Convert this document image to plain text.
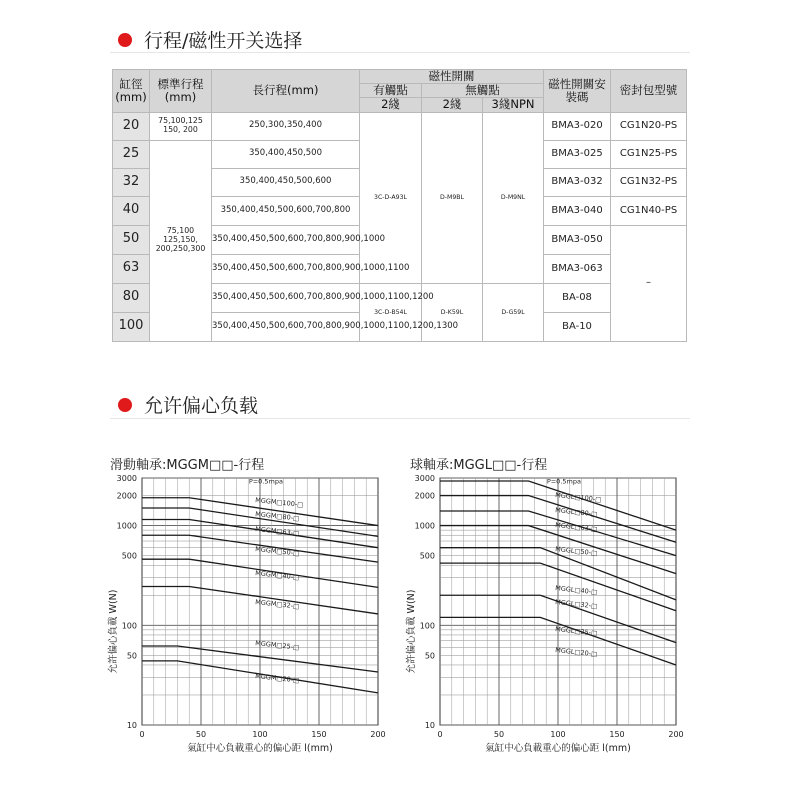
行程/磁性开关选择
缸徑(mm)	標準行程(mm)	長行程(mm)	磁性開關			磁性開關安裝碼	密封包型號
			有觸點	無觸點			
			2綫	2綫	3綫NPN		
20	75,100,125 150, 200	250,300,350,400	3C-D-A93L	D-M9BL	D-M9NL	BMA3-020	CG1N20-PS
25	75,100 125,150, 200,250,300	350,400,450,500				BMA3-025	CG1N25-PS
32		350,400,450,500,600				BMA3-032	CG1N32-PS
40		350,400,450,500,600,700,800				BMA3-040	CG1N40-PS
50		350,400,450,500,600,700,800,900,1000				BMA3-050	–
63		350,400,450,500,600,700,800,900,1000,1100				BMA3-063	
80		350,400,450,500,600,700,800,900,1000,1100,1200	3C-D-B54L	D-K59L	D-G59L	BA-08	
100		350,400,450,500,600,700,800,900,1000,1100,1200,1300				BA-10	
允许偏心负载
滑動軸承:MGGM□□-行程	球軸承:MGGL□□-行程
10
50
100
500
1000
2000
3000
0	50	100	150	200
氣缸中心負載重心的偏心距 l(mm)
允許偏心負載 W(N)
P=0.5mpa
MGGM□100-□
MGGM□80-□
MGGM□63-□
MGGM□50-□
MGGM□40-□
MGGM□32-□
MGGM□25-□
MGGM□20-□
10
50
100
500
1000
2000
3000
0	50	100	150	200
氣缸中心負載重心的偏心距 l(mm)
允許偏心負載 W(N)
P=0.5mpa
MGGL□100-□
MGGL□80-□
MGGL□63-□
MGGL□50-□
MGGL□40-□
MGGL□32-□
MGGL□25-□
MGGL□20-□
